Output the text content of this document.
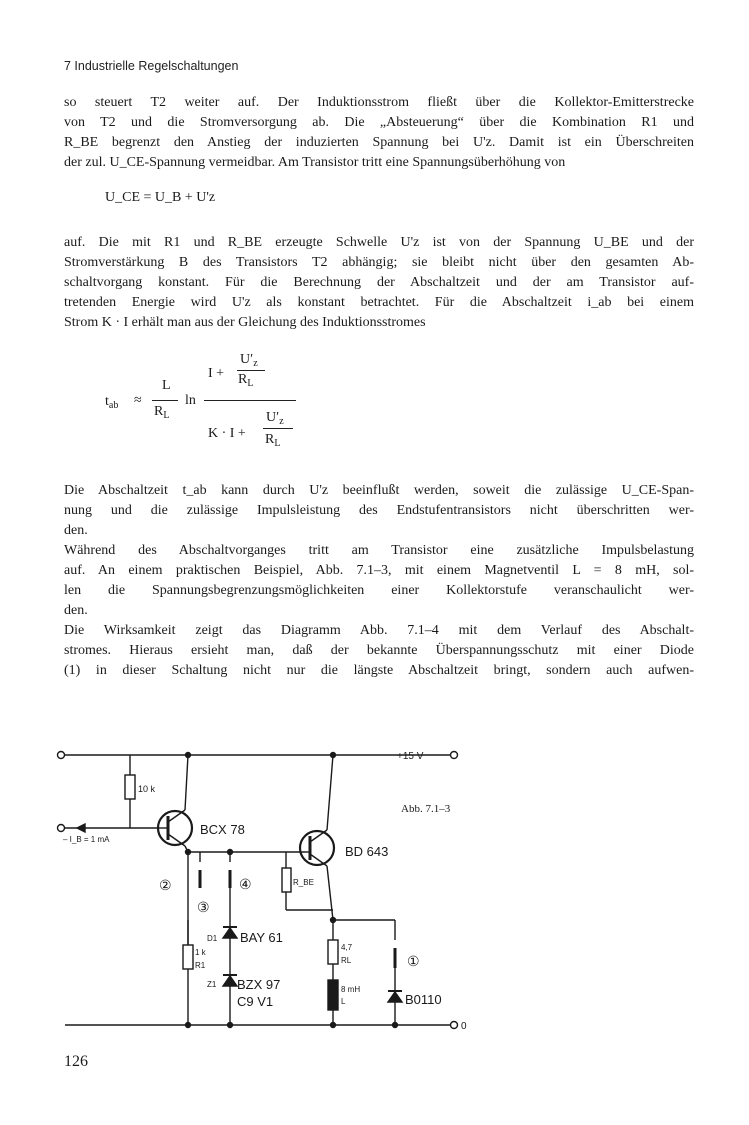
7 Industrielle Regelschaltungen

so steuert T2 weiter auf. Der Induktionsstrom fließt über die Kollektor-Emitterstrecke
von T2 und die Stromversorgung ab. Die „Absteuerung“ über die Kombination R1 und
R_BE begrenzt den Anstieg der induzierten Spannung bei U'z. Damit ist ein Überschreiten
der zul. U_CE-Spannung vermeidbar. Am Transistor tritt eine Spannungsüberhöhung von

U_CE = U_B + U'z

auf. Die mit R1 und R_BE erzeugte Schwelle U'z ist von der Spannung U_BE und der
Stromverstärkung B des Transistors T2 abhängig; sie bleibt nicht über den gesamten Ab-
schaltvorgang konstant. Für die Berechnung der Abschaltzeit und der am Transistor auf-
tretenden Energie wird U'z als konstant betrachtet. Für die Abschaltzeit i_ab bei einem
Strom K · I erhält man aus der Gleichung des Induktionsstromes

$t_{ab}$ ≈
L
$R_L$
ln
I +
$U'_z$
$R_L$
K · I +
$U'_z$
$R_L$

Die Abschaltzeit t_ab kann durch U'z beeinflußt werden, soweit die zulässige U_CE-Span-
nung und die zulässige Impulsleistung des Endstufentransistors nicht überschritten wer-
den.

Während des Abschaltvorganges tritt am Transistor eine zusätzliche Impulsbelastung
auf. An einem praktischen Beispiel, Abb. 7.1–3, mit einem Magnetventil L = 8 mH, sol-
len die Spannungsbegrenzungsmöglichkeiten einer Kollektorstufe veranschaulicht wer-
den.

Die Wirksamkeit zeigt das Diagramm Abb. 7.1–4 mit dem Verlauf des Abschalt-
stromes. Hieraus ersieht man, daß der bekannte Überspannungsschutz mit einer Diode
(1) in dieser Schaltung nicht nur die längste Abschaltzeit bringt, sondern auch aufwen-

+15 V
0
Abb. 7.1–3
10 k
– I_B = 1 mA
BCX 78
BD 643
R_BE
②
③
④
①
D1 BAY 61
1 k
R1
Z1 BZX 97
C9 V1
4,7
RL
8 mH
L	B0110
126
